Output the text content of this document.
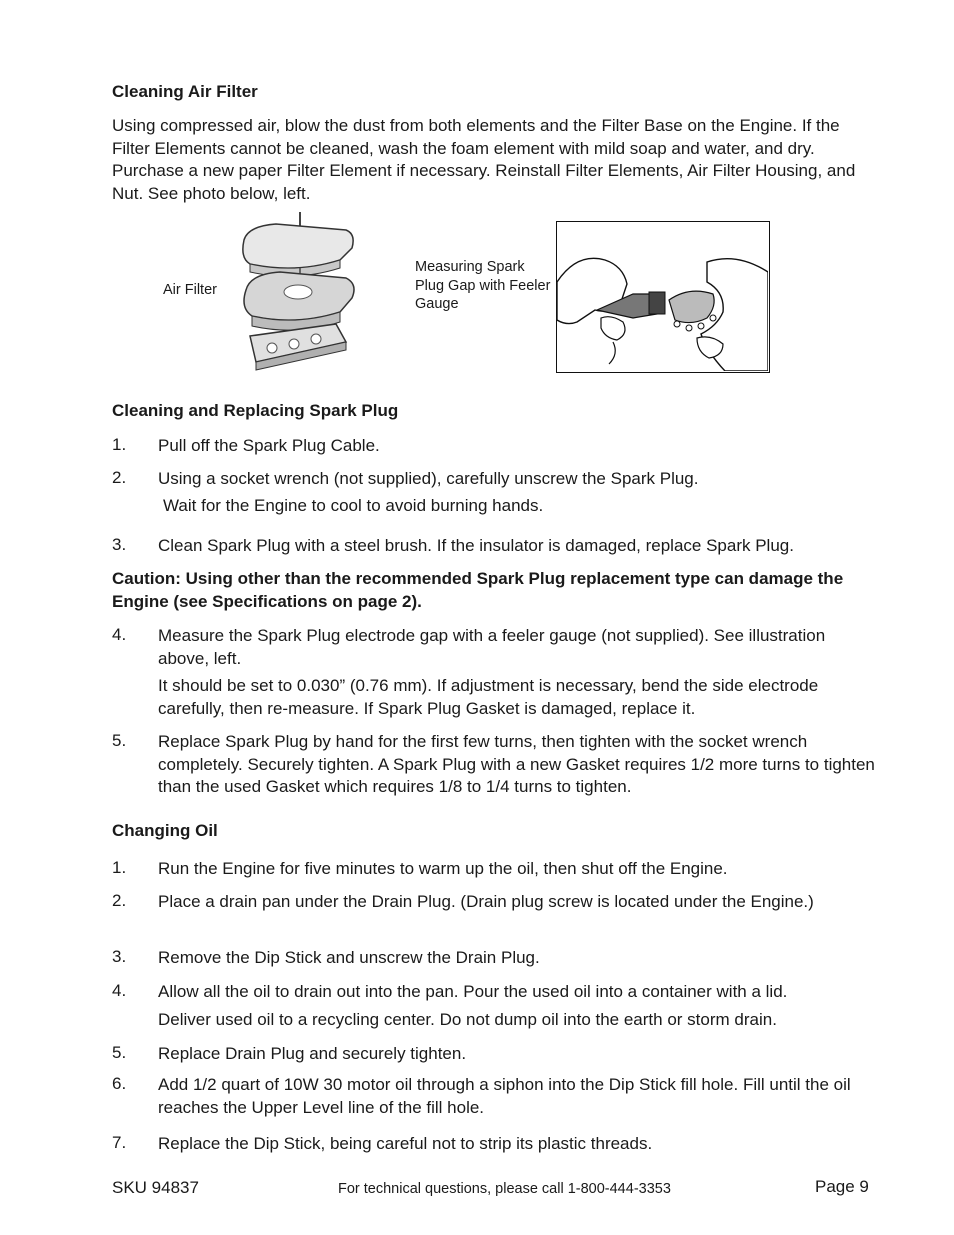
Cleaning Air Filter
Using compressed air, blow the dust from both elements and the Filter Base on the Engine. If the Filter Elements cannot be cleaned, wash the foam element with mild soap and water, and dry. Purchase a new paper Filter Element if necessary. Reinstall Filter Elements, Air Filter Housing, and Nut. See photo below, left.
Air Filter
Measuring Spark Plug Gap with Feeler Gauge
Cleaning and Replacing Spark Plug
1. Pull off the Spark Plug Cable.
2. Using a socket wrench (not supplied), carefully unscrew the Spark Plug.
Wait for the Engine to cool to avoid burning hands.
3. Clean Spark Plug with a steel brush. If the insulator is damaged, replace Spark Plug.
Caution: Using other than the recommended Spark Plug replacement type can damage the Engine (see Specifications on page 2).
4. Measure the Spark Plug electrode gap with a feeler gauge (not supplied). See illustration above, left.
It should be set to 0.030” (0.76 mm). If adjustment is necessary, bend the side electrode carefully, then re-measure. If Spark Plug Gasket is damaged, replace it.
5. Replace Spark Plug by hand for the first few turns, then tighten with the socket wrench completely. Securely tighten. A Spark Plug with a new Gasket requires 1/2 more turns to tighten than the used Gasket which requires 1/8 to 1/4 turns to tighten.
Changing Oil
1. Run the Engine for five minutes to warm up the oil, then shut off the Engine.
2. Place a drain pan under the Drain Plug. (Drain plug screw is located under the Engine.)
3. Remove the Dip Stick and unscrew the Drain Plug.
4. Allow all the oil to drain out into the pan. Pour the used oil into a container with a lid.
Deliver used oil to a recycling center. Do not dump oil into the earth or storm drain.
5. Replace Drain Plug and securely tighten.
6. Add 1/2 quart of 10W 30 motor oil through a siphon into the Dip Stick fill hole. Fill until the oil reaches the Upper Level line of the fill hole.
7. Replace the Dip Stick, being careful not to strip its plastic threads.
SKU 94837	For technical questions, please call 1-800-444-3353	Page 9
